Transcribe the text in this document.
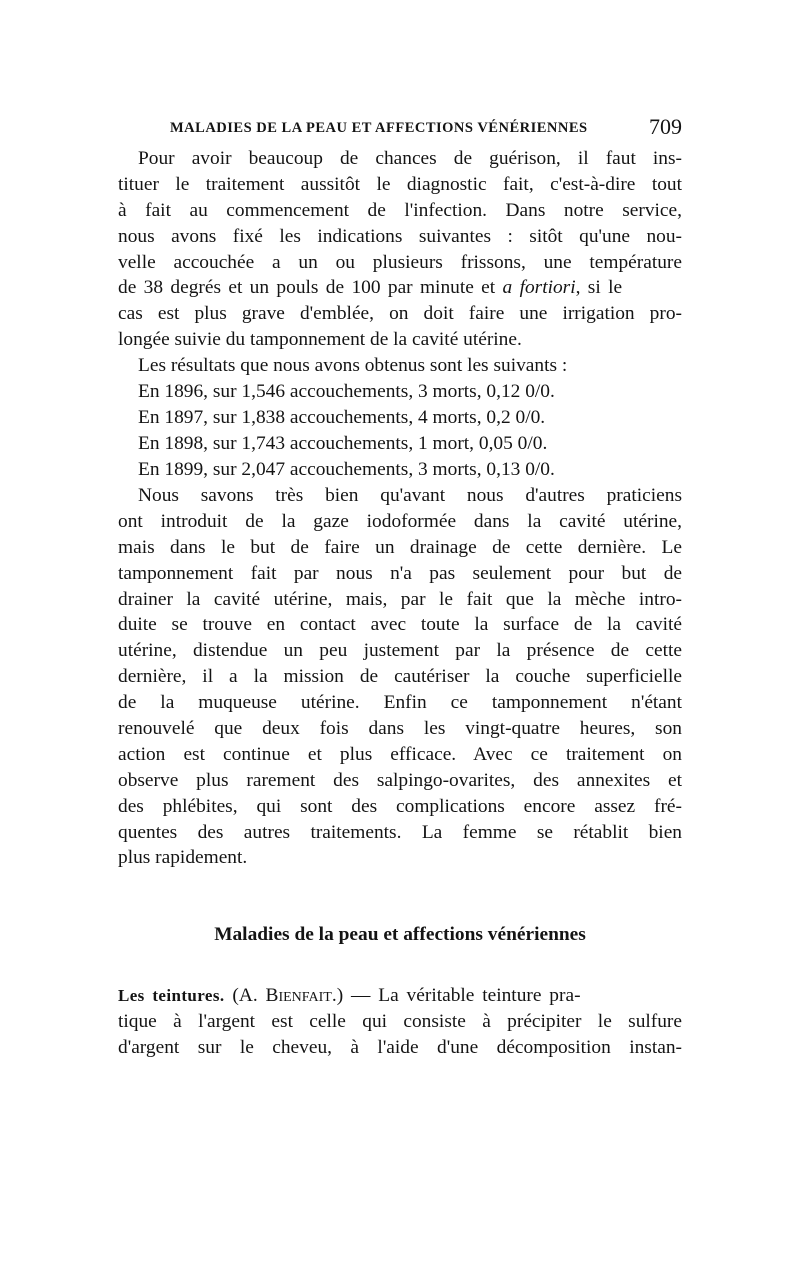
MALADIES DE LA PEAU ET AFFECTIONS VÉNÉRIENNES	709
Pour avoir beaucoup de chances de guérison, il faut ins-
tituer le traitement aussitôt le diagnostic fait, c'est-à-dire tout
à fait au commencement de l'infection. Dans notre service,
nous avons fixé les indications suivantes : sitôt qu'une nou-
velle accouchée a un ou plusieurs frissons, une température
de 38 degrés et un pouls de 100 par minute et a fortiori, si le
cas est plus grave d'emblée, on doit faire une irrigation pro-
longée suivie du tamponnement de la cavité utérine.
Les résultats que nous avons obtenus sont les suivants :
En 1896, sur 1,546 accouchements, 3 morts, 0,12 0/0.
En 1897, sur 1,838 accouchements, 4 morts, 0,2 0/0.
En 1898, sur 1,743 accouchements, 1 mort, 0,05 0/0.
En 1899, sur 2,047 accouchements, 3 morts, 0,13 0/0.
Nous savons très bien qu'avant nous d'autres praticiens
ont introduit de la gaze iodoformée dans la cavité utérine,
mais dans le but de faire un drainage de cette dernière. Le
tamponnement fait par nous n'a pas seulement pour but de
drainer la cavité utérine, mais, par le fait que la mèche intro-
duite se trouve en contact avec toute la surface de la cavité
utérine, distendue un peu justement par la présence de cette
dernière, il a la mission de cautériser la couche superficielle
de la muqueuse utérine. Enfin ce tamponnement n'étant
renouvelé que deux fois dans les vingt-quatre heures, son
action est continue et plus efficace. Avec ce traitement on
observe plus rarement des salpingo-ovarites, des annexites et
des phlébites, qui sont des complications encore assez fré-
quentes des autres traitements. La femme se rétablit bien
plus rapidement.
Maladies de la peau et affections vénériennes
Les teintures. (A. Bienfait.) — La véritable teinture pra-
tique à l'argent est celle qui consiste à précipiter le sulfure
d'argent sur le cheveu, à l'aide d'une décomposition instan-
